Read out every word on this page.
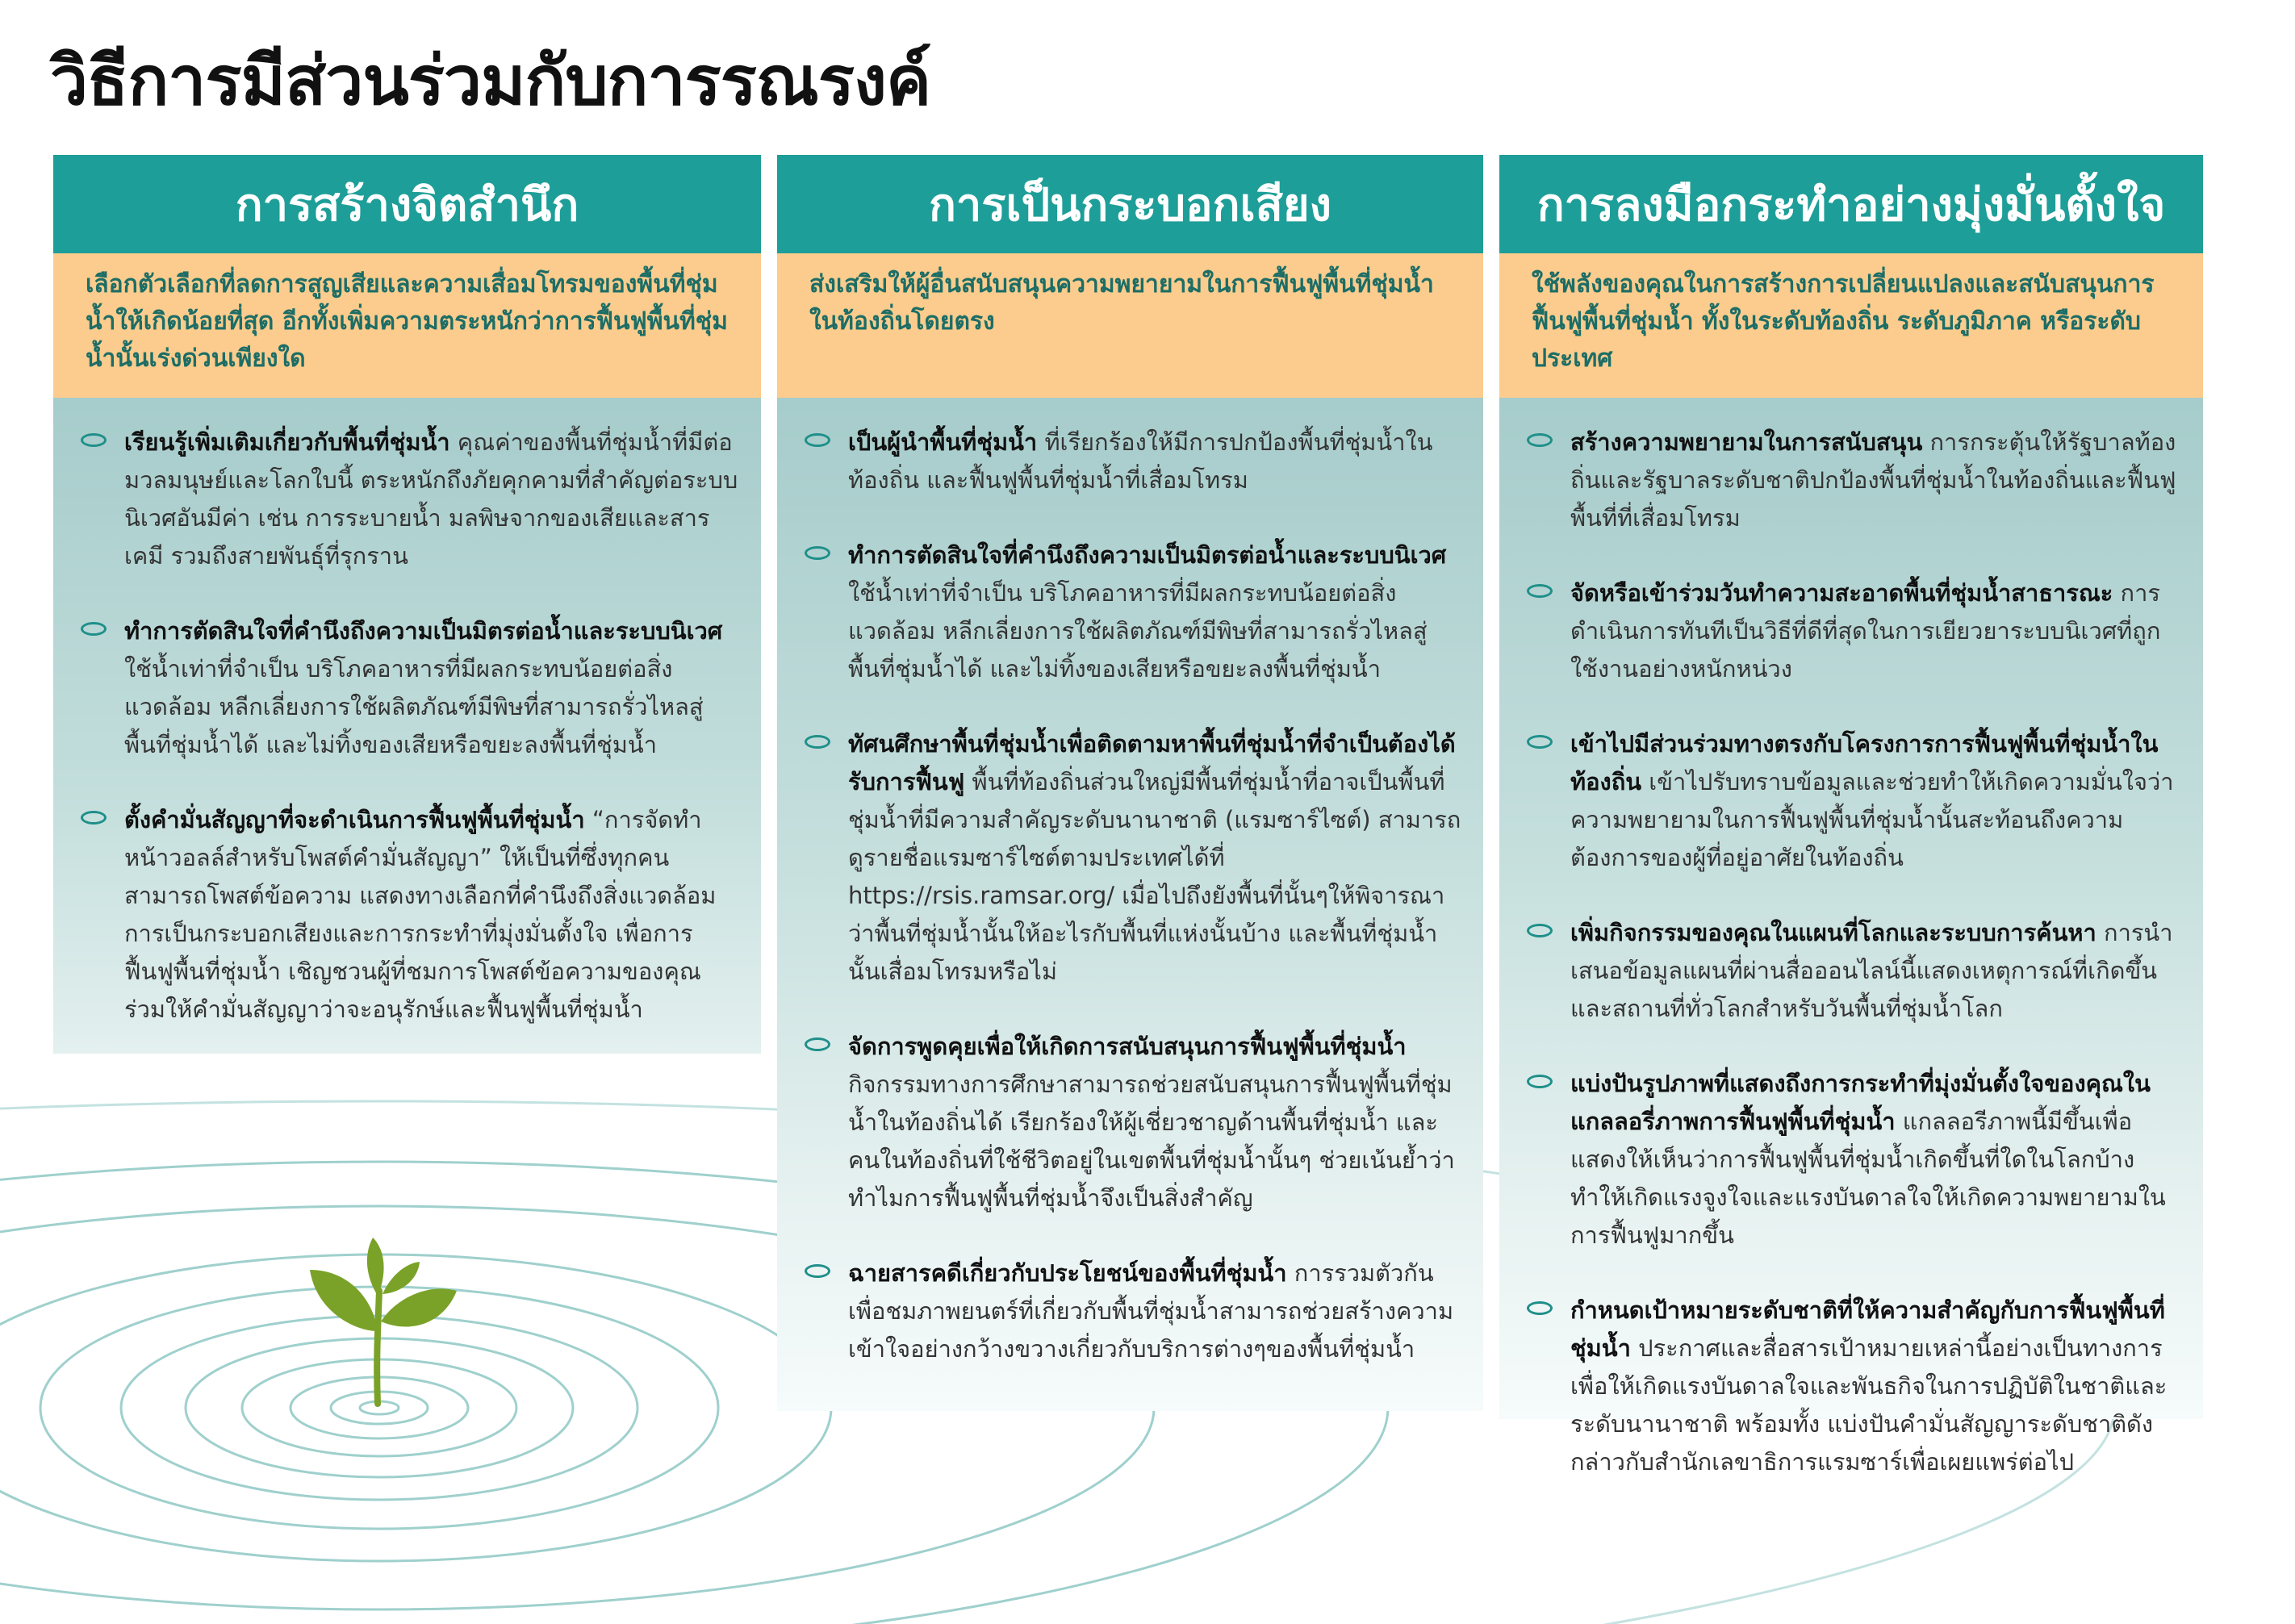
วิธีการมีส่วนร่วมกับการรณรงค์
การสร้างจิตสำนึก
เลือกตัวเลือกที่ลดการสูญเสียและความเสื่อมโทรมของพื้นที่ชุ่มน้ำให้เกิดน้อยที่สุด อีกทั้งเพิ่มความตระหนักว่าการฟื้นฟูพื้นที่ชุ่มน้ำนั้นเร่งด่วนเพียงใด
เรียนรู้เพิ่มเติมเกี่ยวกับพื้นที่ชุ่มน้ำ คุณค่าของพื้นที่ชุ่มน้ำที่มีต่อมวลมนุษย์และโลกใบนี้ ตระหนักถึงภัยคุกคามที่สำคัญต่อระบบนิเวศอันมีค่า เช่น การระบายน้ำ มลพิษจากของเสียและสารเคมี รวมถึงสายพันธุ์ที่รุกราน
ทำการตัดสินใจที่คำนึงถึงความเป็นมิตรต่อน้ำและระบบนิเวศ ใช้น้ำเท่าที่จำเป็น บริโภคอาหารที่มีผลกระทบน้อยต่อสิ่งแวดล้อม หลีกเลี่ยงการใช้ผลิตภัณฑ์มีพิษที่สามารถรั่วไหลสู่พื้นที่ชุ่มน้ำได้ และไม่ทิ้งของเสียหรือขยะลงพื้นที่ชุ่มน้ำ
ตั้งคำมั่นสัญญาที่จะดำเนินการฟื้นฟูพื้นที่ชุ่มน้ำ “การจัดทำหน้าวอลล์สำหรับโพสต์คำมั่นสัญญา” ให้เป็นที่ซึ่งทุกคนสามารถโพสต์ข้อความ แสดงทางเลือกที่คำนึงถึงสิ่งแวดล้อม การเป็นกระบอกเสียงและการกระทำที่มุ่งมั่นตั้งใจ เพื่อการฟื้นฟูพื้นที่ชุ่มน้ำ เชิญชวนผู้ที่ชมการโพสต์ข้อความของคุณร่วมให้คำมั่นสัญญาว่าจะอนุรักษ์และฟื้นฟูพื้นที่ชุ่มน้ำ
การเป็นกระบอกเสียง
ส่งเสริมให้ผู้อื่นสนับสนุนความพยายามในการฟื้นฟูพื้นที่ชุ่มน้ำในท้องถิ่นโดยตรง
เป็นผู้นำพื้นที่ชุ่มน้ำ ที่เรียกร้องให้มีการปกป้องพื้นที่ชุ่มน้ำในท้องถิ่น และฟื้นฟูพื้นที่ชุ่มน้ำที่เสื่อมโทรม
ทำการตัดสินใจที่คำนึงถึงความเป็นมิตรต่อน้ำและระบบนิเวศ ใช้น้ำเท่าที่จำเป็น บริโภคอาหารที่มีผลกระทบน้อยต่อสิ่งแวดล้อม หลีกเลี่ยงการใช้ผลิตภัณฑ์มีพิษที่สามารถรั่วไหลสู่พื้นที่ชุ่มน้ำได้ และไม่ทิ้งของเสียหรือขยะลงพื้นที่ชุ่มน้ำ
ทัศนศึกษาพื้นที่ชุ่มน้ำเพื่อติดตามหาพื้นที่ชุ่มน้ำที่จำเป็นต้องได้รับการฟื้นฟู พื้นที่ท้องถิ่นส่วนใหญ่มีพื้นที่ชุ่มน้ำที่อาจเป็นพื้นที่ชุ่มน้ำที่มีความสำคัญระดับนานาชาติ (แรมซาร์ไซต์) สามารถดูรายชื่อแรมซาร์ไซต์ตามประเทศได้ที่ https://rsis.ramsar.org/ เมื่อไปถึงยังพื้นที่นั้นๆให้พิจารณาว่าพื้นที่ชุ่มน้ำนั้นให้อะไรกับพื้นที่แห่งนั้นบ้าง และพื้นที่ชุ่มน้ำนั้นเสื่อมโทรมหรือไม่
จัดการพูดคุยเพื่อให้เกิดการสนับสนุนการฟื้นฟูพื้นที่ชุ่มน้ำ กิจกรรมทางการศึกษาสามารถช่วยสนับสนุนการฟื้นฟูพื้นที่ชุ่มน้ำในท้องถิ่นได้ เรียกร้องให้ผู้เชี่ยวชาญด้านพื้นที่ชุ่มน้ำ และคนในท้องถิ่นที่ใช้ชีวิตอยู่ในเขตพื้นที่ชุ่มน้ำนั้นๆ ช่วยเน้นย้ำว่าทำไมการฟื้นฟูพื้นที่ชุ่มน้ำจึงเป็นสิ่งสำคัญ
ฉายสารคดีเกี่ยวกับประโยชน์ของพื้นที่ชุ่มน้ำ การรวมตัวกันเพื่อชมภาพยนตร์ที่เกี่ยวกับพื้นที่ชุ่มน้ำสามารถช่วยสร้างความเข้าใจอย่างกว้างขวางเกี่ยวกับบริการต่างๆของพื้นที่ชุ่มน้ำ
การลงมือกระทำอย่างมุ่งมั่นตั้งใจ
ใช้พลังของคุณในการสร้างการเปลี่ยนแปลงและสนับสนุนการฟื้นฟูพื้นที่ชุ่มน้ำ ทั้งในระดับท้องถิ่น ระดับภูมิภาค หรือระดับประเทศ
สร้างความพยายามในการสนับสนุน การกระตุ้นให้รัฐบาลท้องถิ่นและรัฐบาลระดับชาติปกป้องพื้นที่ชุ่มน้ำในท้องถิ่นและฟื้นฟูพื้นที่ที่เสื่อมโทรม
จัดหรือเข้าร่วมวันทำความสะอาดพื้นที่ชุ่มน้ำสาธารณะ การดำเนินการทันทีเป็นวิธีที่ดีที่สุดในการเยียวยาระบบนิเวศที่ถูกใช้งานอย่างหนักหน่วง
เข้าไปมีส่วนร่วมทางตรงกับโครงการการฟื้นฟูพื้นที่ชุ่มน้ำในท้องถิ่น เข้าไปรับทราบข้อมูลและช่วยทำให้เกิดความมั่นใจว่าความพยายามในการฟื้นฟูพื้นที่ชุ่มน้ำนั้นสะท้อนถึงความต้องการของผู้ที่อยู่อาศัยในท้องถิ่น
เพิ่มกิจกรรมของคุณในแผนที่โลกและระบบการค้นหา การนำเสนอข้อมูลแผนที่ผ่านสื่อออนไลน์นี้แสดงเหตุการณ์ที่เกิดขึ้นและสถานที่ทั่วโลกสำหรับวันพื้นที่ชุ่มน้ำโลก
แบ่งปันรูปภาพที่แสดงถึงการกระทำที่มุ่งมั่นตั้งใจของคุณในแกลลอรี่ภาพการฟื้นฟูพื้นที่ชุ่มน้ำ แกลลอรีภาพนี้มีขึ้นเพื่อแสดงให้เห็นว่าการฟื้นฟูพื้นที่ชุ่มน้ำเกิดขึ้นที่ใดในโลกบ้าง ทำให้เกิดแรงจูงใจและแรงบันดาลใจให้เกิดความพยายามในการฟื้นฟูมากขึ้น
กำหนดเป้าหมายระดับชาติที่ให้ความสำคัญกับการฟื้นฟูพื้นที่ชุ่มน้ำ ประกาศและสื่อสารเป้าหมายเหล่านี้อย่างเป็นทางการเพื่อให้เกิดแรงบันดาลใจและพันธกิจในการปฏิบัติในชาติและระดับนานาชาติ พร้อมทั้ง แบ่งปันคำมั่นสัญญาระดับชาติดังกล่าวกับสำนักเลขาธิการแรมซาร์เพื่อเผยแพร่ต่อไป
